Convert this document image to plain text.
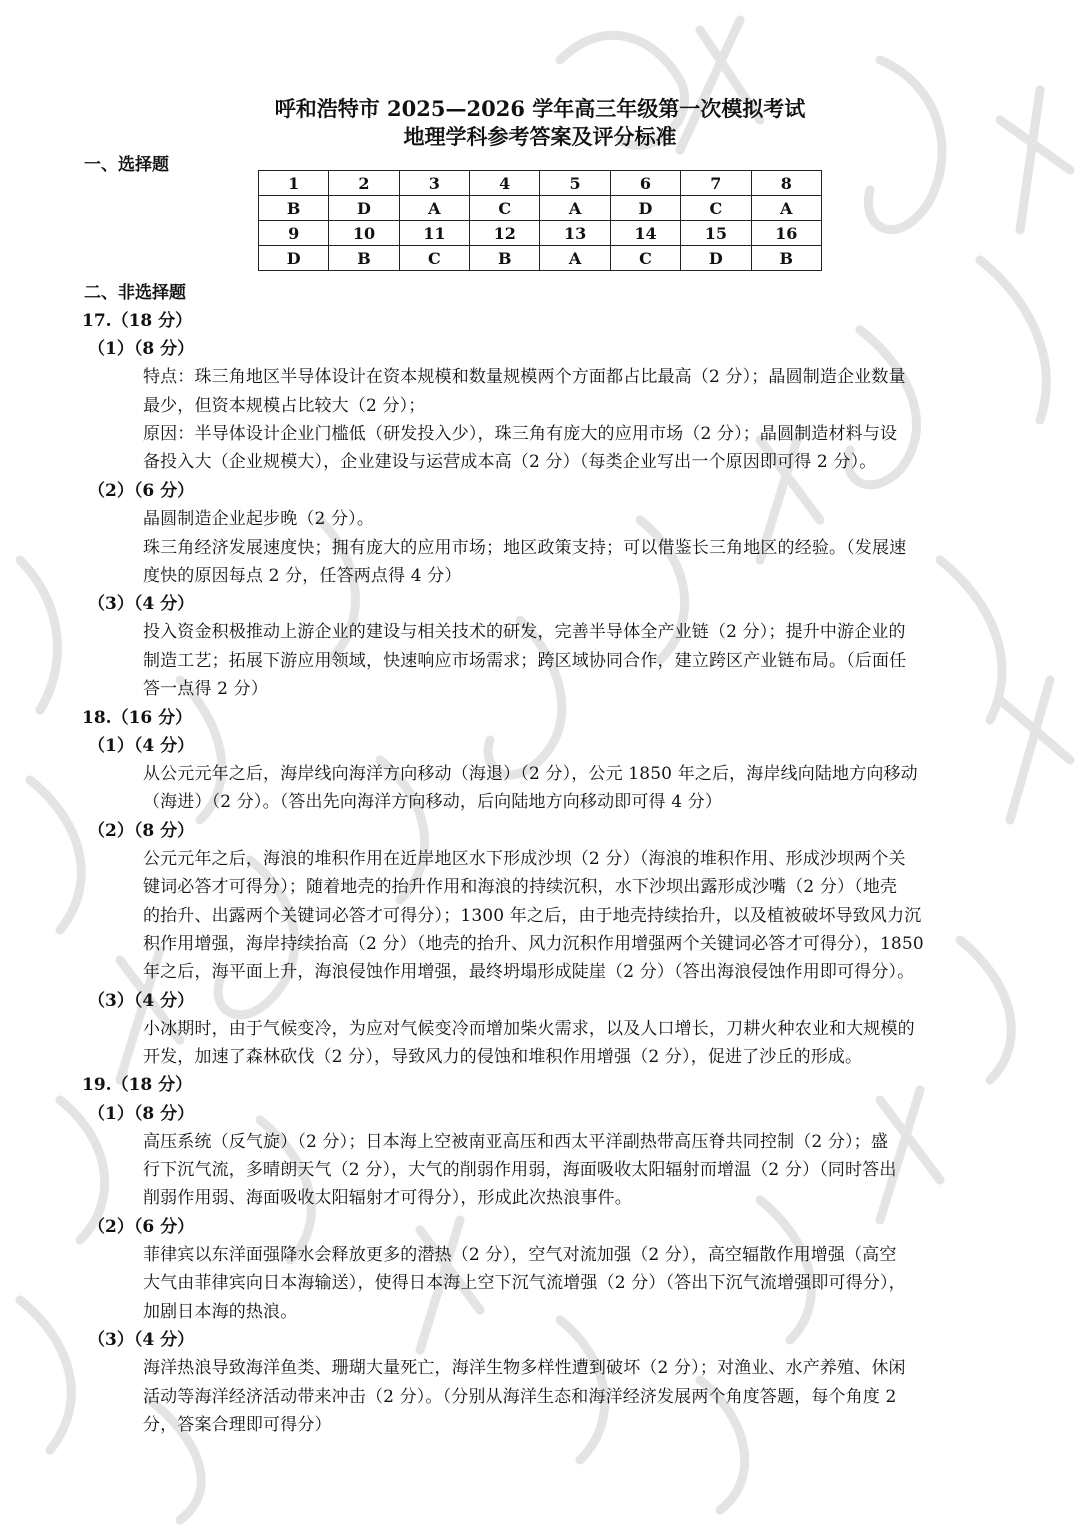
呼和浩特市 2025—2026 学年高三年级第一次模拟考试
地理学科参考答案及评分标准
一、选择题
1	2	3	4	5	6	7	8
B	D	A	C	A	D	C	A
9	10	11	12	13	14	15	16
D	B	C	B	A	C	D	B
二、非选择题
17.（18 分）
（1）（8 分）
特点：珠三角地区半导体设计在资本规模和数量规模两个方面都占比最高（2 分）；晶圆制造企业数量
最少，但资本规模占比较大（2 分）；
原因：半导体设计企业门槛低（研发投入少），珠三角有庞大的应用市场（2 分）；晶圆制造材料与设
备投入大（企业规模大），企业建设与运营成本高（2 分）（每类企业写出一个原因即可得 2 分）。
（2）（6 分）
晶圆制造企业起步晚（2 分）。
珠三角经济发展速度快；拥有庞大的应用市场；地区政策支持；可以借鉴长三角地区的经验。（发展速
度快的原因每点 2 分，任答两点得 4 分）
（3）（4 分）
投入资金积极推动上游企业的建设与相关技术的研发，完善半导体全产业链（2 分）；提升中游企业的
制造工艺；拓展下游应用领域，快速响应市场需求；跨区域协同合作，建立跨区产业链布局。（后面任
答一点得 2 分）
18.（16 分）
（1）（4 分）
从公元元年之后，海岸线向海洋方向移动（海退）（2 分），公元 1850 年之后，海岸线向陆地方向移动
（海进）（2 分）。（答出先向海洋方向移动，后向陆地方向移动即可得 4 分）
（2）（8 分）
公元元年之后，海浪的堆积作用在近岸地区水下形成沙坝（2 分）（海浪的堆积作用、形成沙坝两个关
键词必答才可得分）；随着地壳的抬升作用和海浪的持续沉积，水下沙坝出露形成沙嘴（2 分）（地壳
的抬升、出露两个关键词必答才可得分）；1300 年之后，由于地壳持续抬升，以及植被破坏导致风力沉
积作用增强，海岸持续抬高（2 分）（地壳的抬升、风力沉积作用增强两个关键词必答才可得分），1850
年之后，海平面上升，海浪侵蚀作用增强，最终坍塌形成陡崖（2 分）（答出海浪侵蚀作用即可得分）。
（3）（4 分）
小冰期时，由于气候变冷，为应对气候变冷而增加柴火需求，以及人口增长，刀耕火种农业和大规模的
开发，加速了森林砍伐（2 分），导致风力的侵蚀和堆积作用增强（2 分），促进了沙丘的形成。
19.（18 分）
（1）（8 分）
高压系统（反气旋）（2 分）；日本海上空被南亚高压和西太平洋副热带高压脊共同控制（2 分）；盛
行下沉气流，多晴朗天气（2 分），大气的削弱作用弱，海面吸收太阳辐射而增温（2 分）（同时答出
削弱作用弱、海面吸收太阳辐射才可得分），形成此次热浪事件。
（2）（6 分）
菲律宾以东洋面强降水会释放更多的潜热（2 分），空气对流加强（2 分），高空辐散作用增强（高空
大气由菲律宾向日本海输送），使得日本海上空下沉气流增强（2 分）（答出下沉气流增强即可得分），
加剧日本海的热浪。
（3）（4 分）
海洋热浪导致海洋鱼类、珊瑚大量死亡，海洋生物多样性遭到破坏（2 分）；对渔业、水产养殖、休闲
活动等海洋经济活动带来冲击（2 分）。（分别从海洋生态和海洋经济发展两个角度答题，每个角度 2
分，答案合理即可得分）
